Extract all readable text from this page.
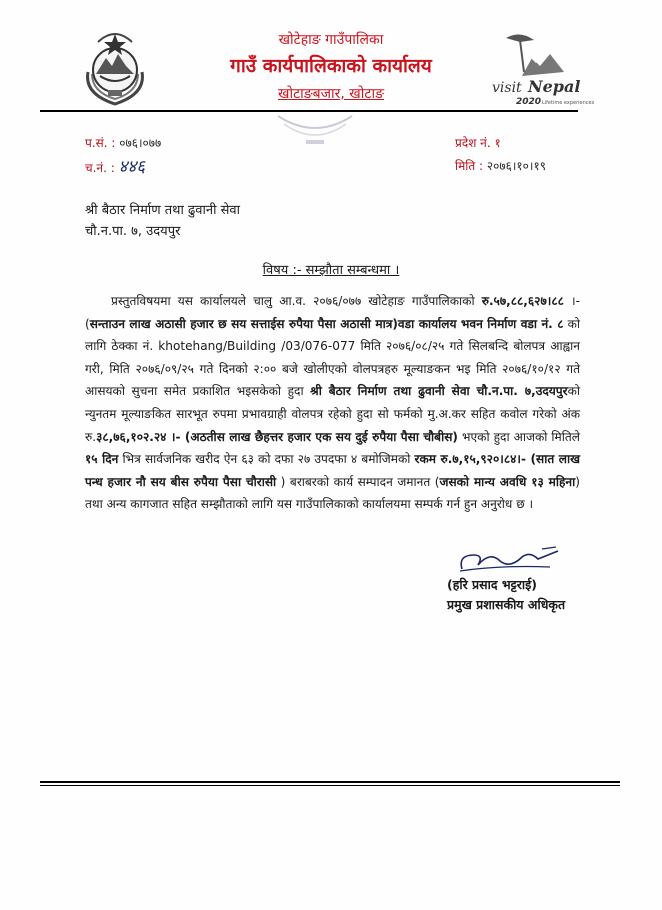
visit Nepal
2020 Lifetime experiences
खोटेहाङ गाउँपालिका
गाउँ कार्यपालिकाको कार्यालय
खोटाङबजार, खोटाङ
प.सं. : ०७६।०७७
च.नं. : ४४६
प्रदेश नं. १
मिति : २०७६।१०।१९
श्री बैठार निर्माण तथा ढुवानी सेवा
चौ.न.पा. ७, उदयपुर
विषय :- सम्झौता सम्बन्धमा ।
प्रस्तुतविषयमा यस कार्यालयले चालु आ.व. २०७६/०७७ खोटेहाङ गाउँपालिकाको रु.५७,८८,६२७।८८ ।-(सन्ताउन लाख अठासी हजार छ सय सत्ताईस रुपैया पैसा अठासी मात्र)वडा कार्यालय भवन निर्माण वडा नं. ८ को लागि ठेक्का नं. khotehang/Building /03/076-077 मिति २०७६/०८/२५ गते सिलबन्दि बोलपत्र आह्वान गरी, मिति २०७६/०९/२५ गते दिनको २:०० बजे खोलीएको वोलपत्रहरु मूल्याङकन भइ मिति २०७६/१०/१२ गते आसयको सुचना समेत प्रकाशित भइसकेको हुदा श्री बैठार निर्माण तथा ढुवानी सेवा चौ.न.पा. ७,उदयपुरको न्युनतम मूल्याङकित सारभूत रुपमा प्रभावग्राही वोलपत्र रहेको हुदा सो फर्मको मु.अ.कर सहित कवोल गरेको अंक रु.३८,७६,१०२.२४ ।- (अठतीस लाख छैहत्तर हजार एक सय दुई रुपैया पैसा चौबीस) भएको हुदा आजको मितिले १५ दिन भित्र सार्वजनिक खरीद ऐन ६३ को दफा २७ उपदफा ४ बमोजिमको रकम रु.७,१५,९२०।८४।- (सात लाख पन्ध हजार नौ सय बीस रुपैया पैसा चौरासी ) बराबरको कार्य सम्पादन जमानत (जसको मान्य अवधि १३ महिना) तथा अन्य कागजात सहित सम्झौताको लागि यस गाउँपालिकाको कार्यालयमा सम्पर्क गर्न हुन अनुरोध छ ।
(हरि प्रसाद भट्टराई)
प्रमुख प्रशासकीय अधिकृत
